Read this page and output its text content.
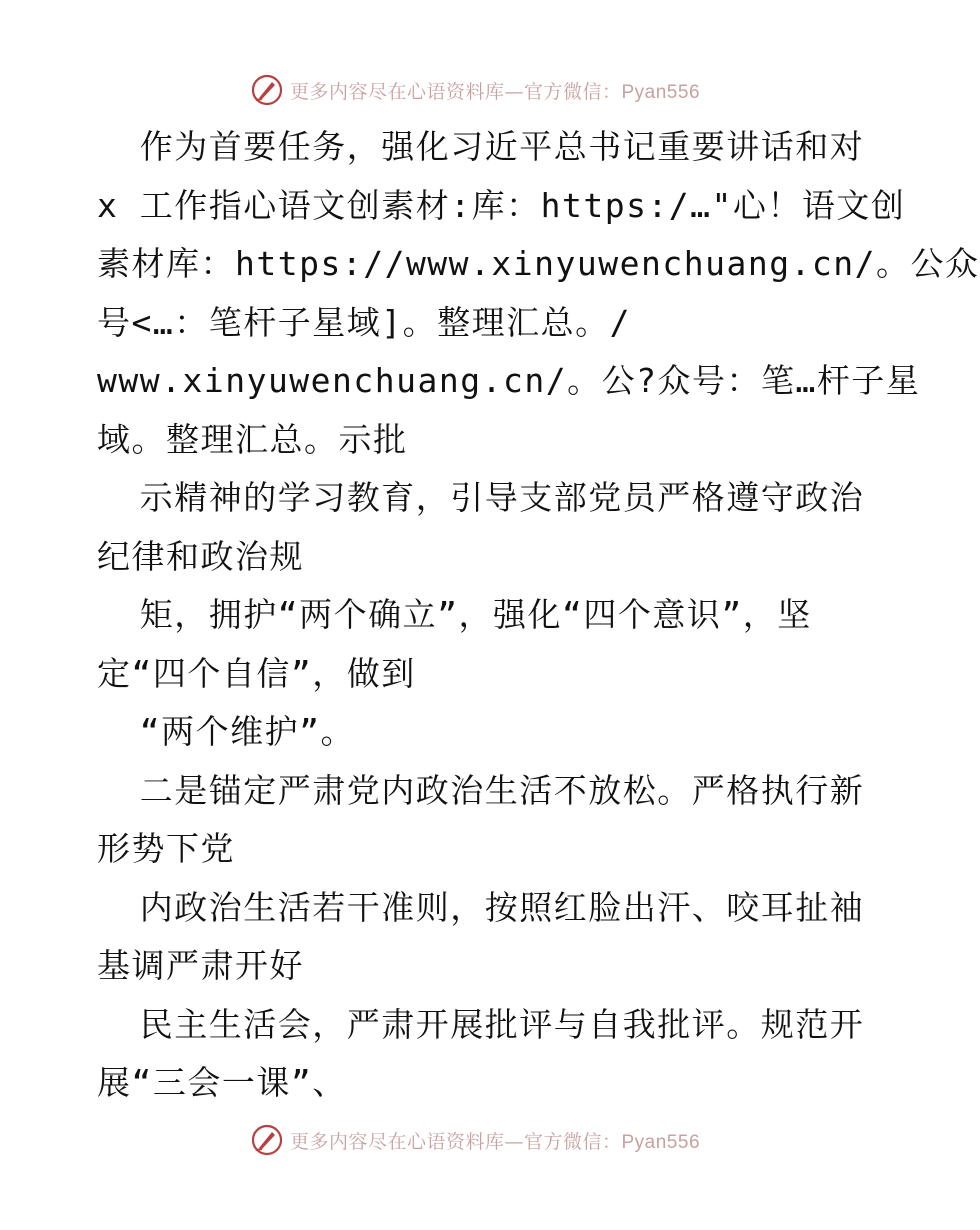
更多内容尽在心语资料库—官方微信：Pyan556
作为首要任务，强化习近平总书记重要讲话和对
x 工作指心语文创素材:库：https:/…"心！语文创
素材库：https://www.xinyuwenchuang.cn/。公众
号<…：笔杆子星域]。整理汇总。/
www.xinyuwenchuang.cn/。公?众号：笔…杆子星
域。整理汇总。示批
示精神的学习教育，引导支部党员严格遵守政治
纪律和政治规
矩，拥护“两个确立”，强化“四个意识”，坚
定“四个自信”，做到
“两个维护”。
二是锚定严肃党内政治生活不放松。严格执行新
形势下党
内政治生活若干准则，按照红脸出汗、咬耳扯袖
基调严肃开好
民主生活会，严肃开展批评与自我批评。规范开
展“三会一课”、
更多内容尽在心语资料库—官方微信：Pyan556
